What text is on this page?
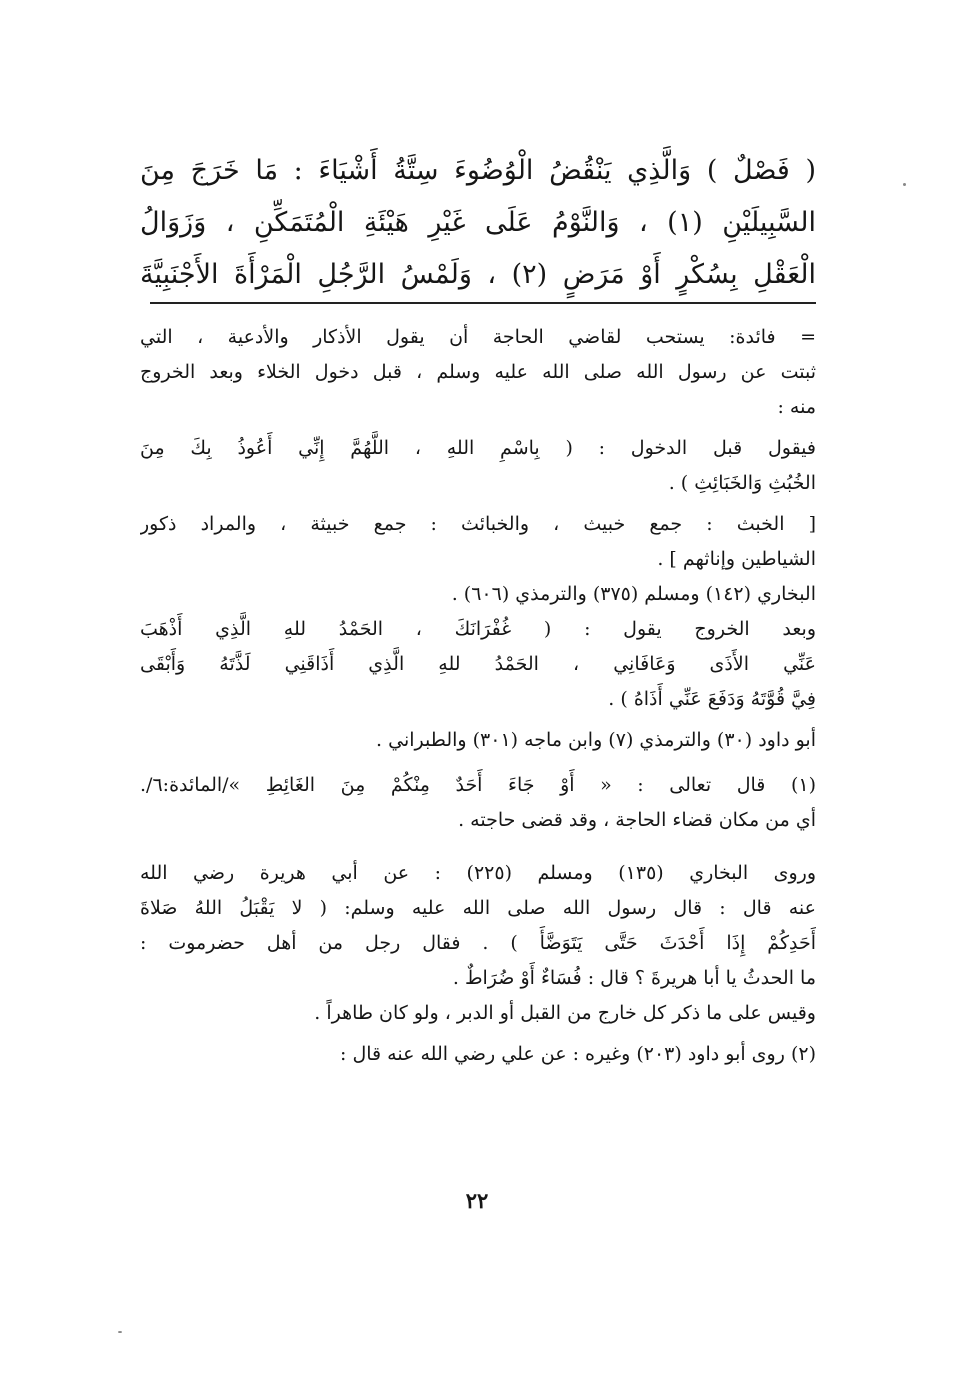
( فَصْلٌ ) وَالَّذِي يَنْقُضُ الْوُضُوءَ سِتَّةُ أَشْيَاءَ : مَا خَرَجَ مِنَ
السَّبِيلَيْنِ (١) ، وَالنَّوْمُ عَلَى غَيْرِ هَيْئَةِ الْمُتَمَكِّنِ ، وَزَوَالُ
الْعَقْلِ بِسُكْرٍ أَوْ مَرَضٍ (٢) ، وَلَمْسُ الرَّجُلِ الْمَرْأَةَ الأَجْنَبِيَّةَ
= فائدة: يستحب لقاضي الحاجة أن يقول الأذكار والأدعية ، التي
ثبتت عن رسول الله صلى الله عليه وسلم ، قبل دخول الخلاء وبعد الخروج
منه :
فيقول قبل الدخول : ( بِاسْمِ اللهِ ، اللَّهُمَّ إِنِّي أَعُوذُ بِكَ مِنَ
الخُبُثِ وَالخَبَائِثِ ) .
[ الخبث : جمع خبيث ، والخبائث : جمع خبيثة ، والمراد ذكور
الشياطين وإناثهم ] .
البخاري (١٤٢) ومسلم (٣٧٥) والترمذي (٦٠٦) .
وبعد الخروج يقول : ( غُفْرَانَكَ ، الحَمْدُ للهِ الَّذِي أَذْهَبَ
عَنِّي الأَذَى وَعَافَانِي ، الحَمْدُ للهِ الَّذِي أَذَاقَنِي لَذَّتَهُ وَأَبْقَى
فِيَّ قُوَّتَهُ وَدَفَعَ عَنِّي أَذَاهُ ) .
أبو داود (٣٠) والترمذي (٧) وابن ماجه (٣٠١) والطبراني .
(١) قال تعالى : « أَوْ جَاءَ أَحَدٌ مِنْكُمْ مِنَ الغَائِطِ »/المائدة:٦/.
أي من مكان قضاء الحاجة ، وقد قضى حاجته .
وروى البخاري (١٣٥) ومسلم (٢٢٥) : عن أبي هريرة رضي الله
عنه قال : قال رسول الله صلى الله عليه وسلم: ( لا يَقْبَلُ اللهُ صَلاةَ
أَحَدِكُمْ إِذَا أَحْدَثَ حَتَّى يَتَوَضَّأَ ) . فقال رجل من أهل حضرموت :
ما الحدثُ يا أبا هريرةَ ؟ قال : فُسَاءٌ أَوْ ضُرَاطٌ .
وقيس على ما ذكر كل خارج من القبل أو الدبر ، ولو كان طاهراً .
(٢) روى أبو داود (٢٠٣) وغيره : عن علي رضي الله عنه قال :
٢٢
